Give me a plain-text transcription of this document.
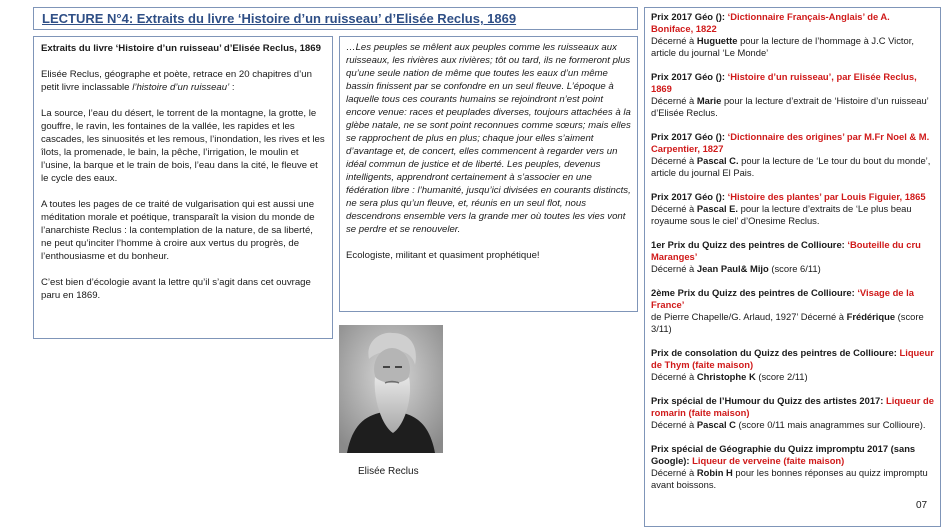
LECTURE N°4: Extraits du livre ‘Histoire d’un ruisseau’ d’Elisée Reclus, 1869

Extraits du livre ‘Histoire d’un ruisseau’ d’Elisée Reclus, 1869

Elisée Reclus, géographe et poète, retrace en 20 chapitres d’un petit livre inclassable l’histoire d’un ruisseau’ :

La source, l’eau du désert, le torrent de la montagne, la grotte, le gouffre, le ravin, les fontaines de la vallée, les rapides et les cascades, les sinuosités et les remous, l’inondation, les rives et les îlots, la promenade, le bain, la pêche, l’irrigation, le moulin et l’usine, la barque et le train de bois, l’eau dans la cité, le fleuve et le cycle des eaux.

A toutes les pages de ce traité de vulgarisation qui est aussi une méditation morale et poétique, transparaît la vision du monde de l’anarchiste Reclus : la contemplation de la nature, de sa liberté, ne peut qu’inciter l’homme à croire aux vertus du progrès, de l’enthousiasme et du bonheur.

C’est bien d’écologie avant la lettre qu’il s’agit dans cet ouvrage paru en 1869.

…Les peuples se mêlent aux peuples comme les ruisseaux aux ruisseaux, les rivières aux rivières; tôt ou tard, ils ne formeront plus qu’une seule nation de même que toutes les eaux d’un même bassin finissent par se confondre en un seul fleuve. L’époque à laquelle tous ces courants humains se rejoindront n’est point encore venue: races et peuplades diverses, toujours attachées à la glèbe natale, ne se sont point reconnues comme sœurs; mais elles se rapprochent de plus en plus; chaque jour elles s’aiment d’avantage et, de concert, elles commencent à regarder vers un idéal commun de justice et de liberté. Les peuples, devenus intelligents, apprendront certainement à s’associer en une fédération libre : l’humanité, jusqu’ici divisées en courants distincts, ne sera plus qu’un fleuve, et, réunis en un seul flot, nous descendrons ensemble vers la grande mer où toutes les vies vont se perdre et se renouveler.

Ecologiste, militant et quasiment prophétique!

Elisée Reclus
Prix 2017 Géo (): ‘Dictionnaire Français-Anglais’ de A. Boniface, 1822
Décerné à Huguette pour la lecture de l’hommage à J.C Victor, article du journal ‘Le Monde’
Prix 2017 Géo (): ‘Histoire d’un ruisseau’, par Elisée Reclus, 1869
Décerné à Marie pour la lecture d’extrait de ‘Histoire d’un ruisseau’ d’Elisée Reclus.
Prix 2017 Géo (): ‘Dictionnaire des origines’ par M.Fr Noel & M. Carpentier, 1827
Décerné à Pascal C. pour la lecture de ‘Le tour du bout du monde’, article du journal El Pais.
Prix 2017 Géo (): ‘Histoire des plantes’ par Louis Figuier, 1865
Décerné à Pascal E. pour la lecture d’extraits de ‘Le plus beau royaume sous le ciel’ d’Onesime Reclus.
1er Prix du Quizz des peintres de Collioure: ‘Bouteille du cru Maranges’
Décerné à Jean Paul& Mijo (score 6/11)
2ème Prix du Quizz des peintres de Collioure: ‘Visage de la France’
de Pierre Chapelle/G. Arlaud, 1927’ Décerné à Frédérique (score 3/11)
Prix de consolation du Quizz des peintres de Collioure: Liqueur de Thym (faite maison)
Décerné à Christophe K (score 2/11)
Prix spécial de l’Humour du Quizz des artistes 2017: Liqueur de romarin (faite maison)
Décerné à Pascal C (score 0/11 mais anagrammes sur Collioure).
Prix spécial de Géographie du Quizz impromptu 2017 (sans Google): Liqueur de verveine (faite maison)
Décerné à Robin H pour les bonnes réponses au quizz impromptu avant boissons.
07
